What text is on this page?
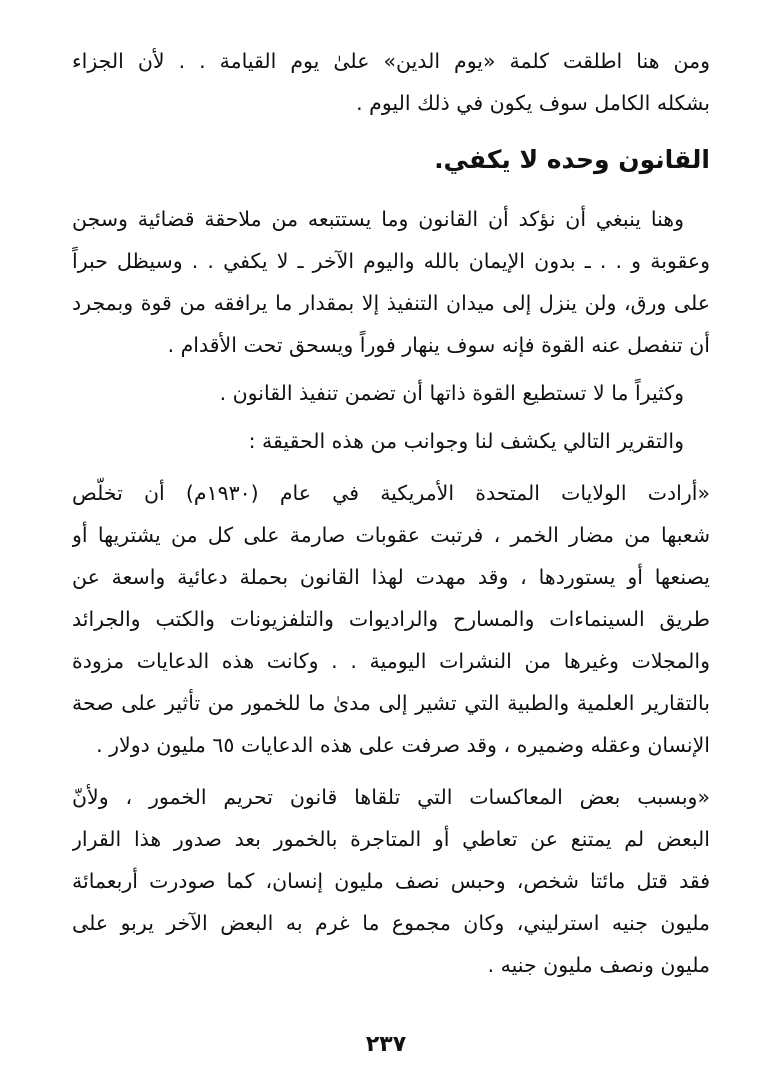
ومن هنا اطلقت كلمة «يوم الدين» علىٰ يوم القيامة . . لأن الجزاء
بشكله الكامل سوف يكون في ذلك اليوم .
القانون وحده لا يكفي.
وهنا ينبغي أن نؤكد أن القانون وما يستتبعه من ملاحقة قضائية وسجن
وعقوبة و . . ـ بدون الإيمان بالله واليوم الآخر ـ لا يكفي . . وسيظل حبراً
على ورق، ولن ينزل إلى ميدان التنفيذ إلا بمقدار ما يرافقه من قوة وبمجرد
أن تنفصل عنه القوة فإنه سوف ينهار فوراً ويسحق تحت الأقدام .
وكثيراً ما لا تستطيع القوة ذاتها أن تضمن تنفيذ القانون .
والتقرير التالي يكشف لنا وجوانب من هذه الحقيقة :
«أرادت الولايات المتحدة الأمريكية في عام (١٩٣٠م) أن تخلّص
شعبها من مضار الخمر ، فرتبت عقوبات صارمة على كل من يشتريها أو
يصنعها أو يستوردها ، وقد مهدت لهذا القانون بحملة دعائية واسعة عن
طريق السينماءات والمسارح والراديوات والتلفزيونات والكتب والجرائد
والمجلات وغيرها من النشرات اليومية . . وكانت هذه الدعايات مزودة
بالتقارير العلمية والطبية التي تشير إلى مدىٰ ما للخمور من تأثير على صحة
الإنسان وعقله وضميره ، وقد صرفت على هذه الدعايات ٦٥ مليون دولار .
«وبسبب بعض المعاكسات التي تلقاها قانون تحريم الخمور ، ولأنّ
البعض لم يمتنع عن تعاطي أو المتاجرة بالخمور بعد صدور هذا القرار
فقد قتل مائتا شخص، وحبس نصف مليون إنسان، كما صودرت أربعمائة
مليون جنيه استرليني، وكان مجموع ما غرم به البعض الآخر يربو على
مليون ونصف مليون جنيه .
٢٣٧
